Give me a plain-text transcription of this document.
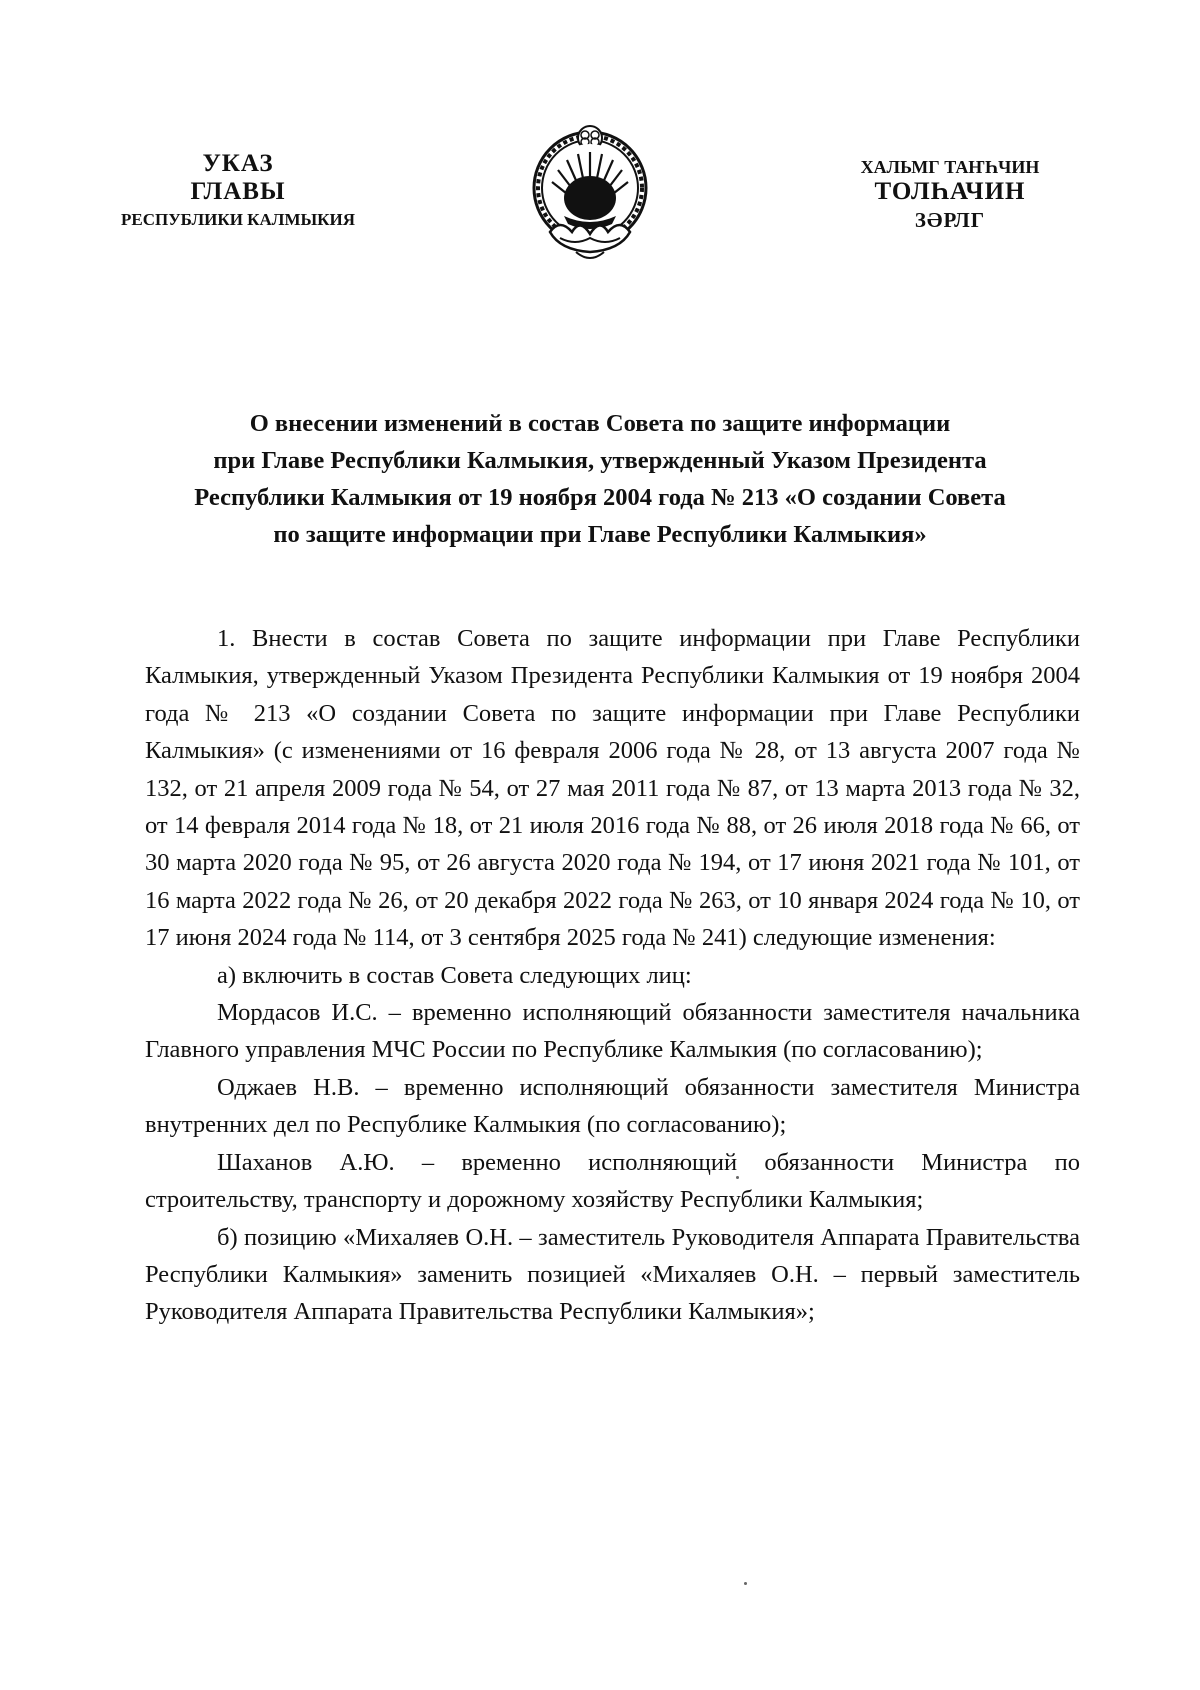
УКАЗ
ГЛАВЫ
РЕСПУБЛИКИ КАЛМЫКИЯ
ХАЛЬМГ ТАҤҺЧИН
ТОЛҺАЧИН
ЗӘРЛГ
О внесении изменений в состав Совета по защите информации
при Главе Республики Калмыкия, утвержденный Указом Президента
Республики Калмыкия от 19 ноября 2004 года № 213 «О создании Совета
по защите информации при Главе Республики Калмыкия»

1. Внести в состав Совета по защите информации при Главе Республики Калмыкия, утвержденный Указом Президента Республики Калмыкия от 19 ноября 2004 года № 213 «О создании Совета по защите информации при Главе Республики Калмыкия» (с изменениями от 16 февраля 2006 года № 28, от 13 августа 2007 года № 132, от 21 апреля 2009 года № 54, от 27 мая 2011 года № 87, от 13 марта 2013 года № 32, от 14 февраля 2014 года № 18, от 21 июля 2016 года № 88, от 26 июля 2018 года № 66, от 30 марта 2020 года № 95, от 26 августа 2020 года № 194, от 17 июня 2021 года № 101, от 16 марта 2022 года № 26, от 20 декабря 2022 года № 263, от 10 января 2024 года № 10, от 17 июня 2024 года № 114, от 3 сентября 2025 года № 241) следующие изменения:

а) включить в состав Совета следующих лиц:

Мордасов И.С. – временно исполняющий обязанности заместителя начальника Главного управления МЧС России по Республике Калмыкия (по согласованию);

Оджаев Н.В. – временно исполняющий обязанности заместителя Министра внутренних дел по Республике Калмыкия (по согласованию);

Шаханов А.Ю. – временно исполняющий обязанности Министра по строительству, транспорту и дорожному хозяйству Республики Калмыкия;

б) позицию «Михаляев О.Н. – заместитель Руководителя Аппарата Правительства Республики Калмыкия» заменить позицией «Михаляев О.Н. – первый заместитель Руководителя Аппарата Правительства Республики Калмыкия»;
